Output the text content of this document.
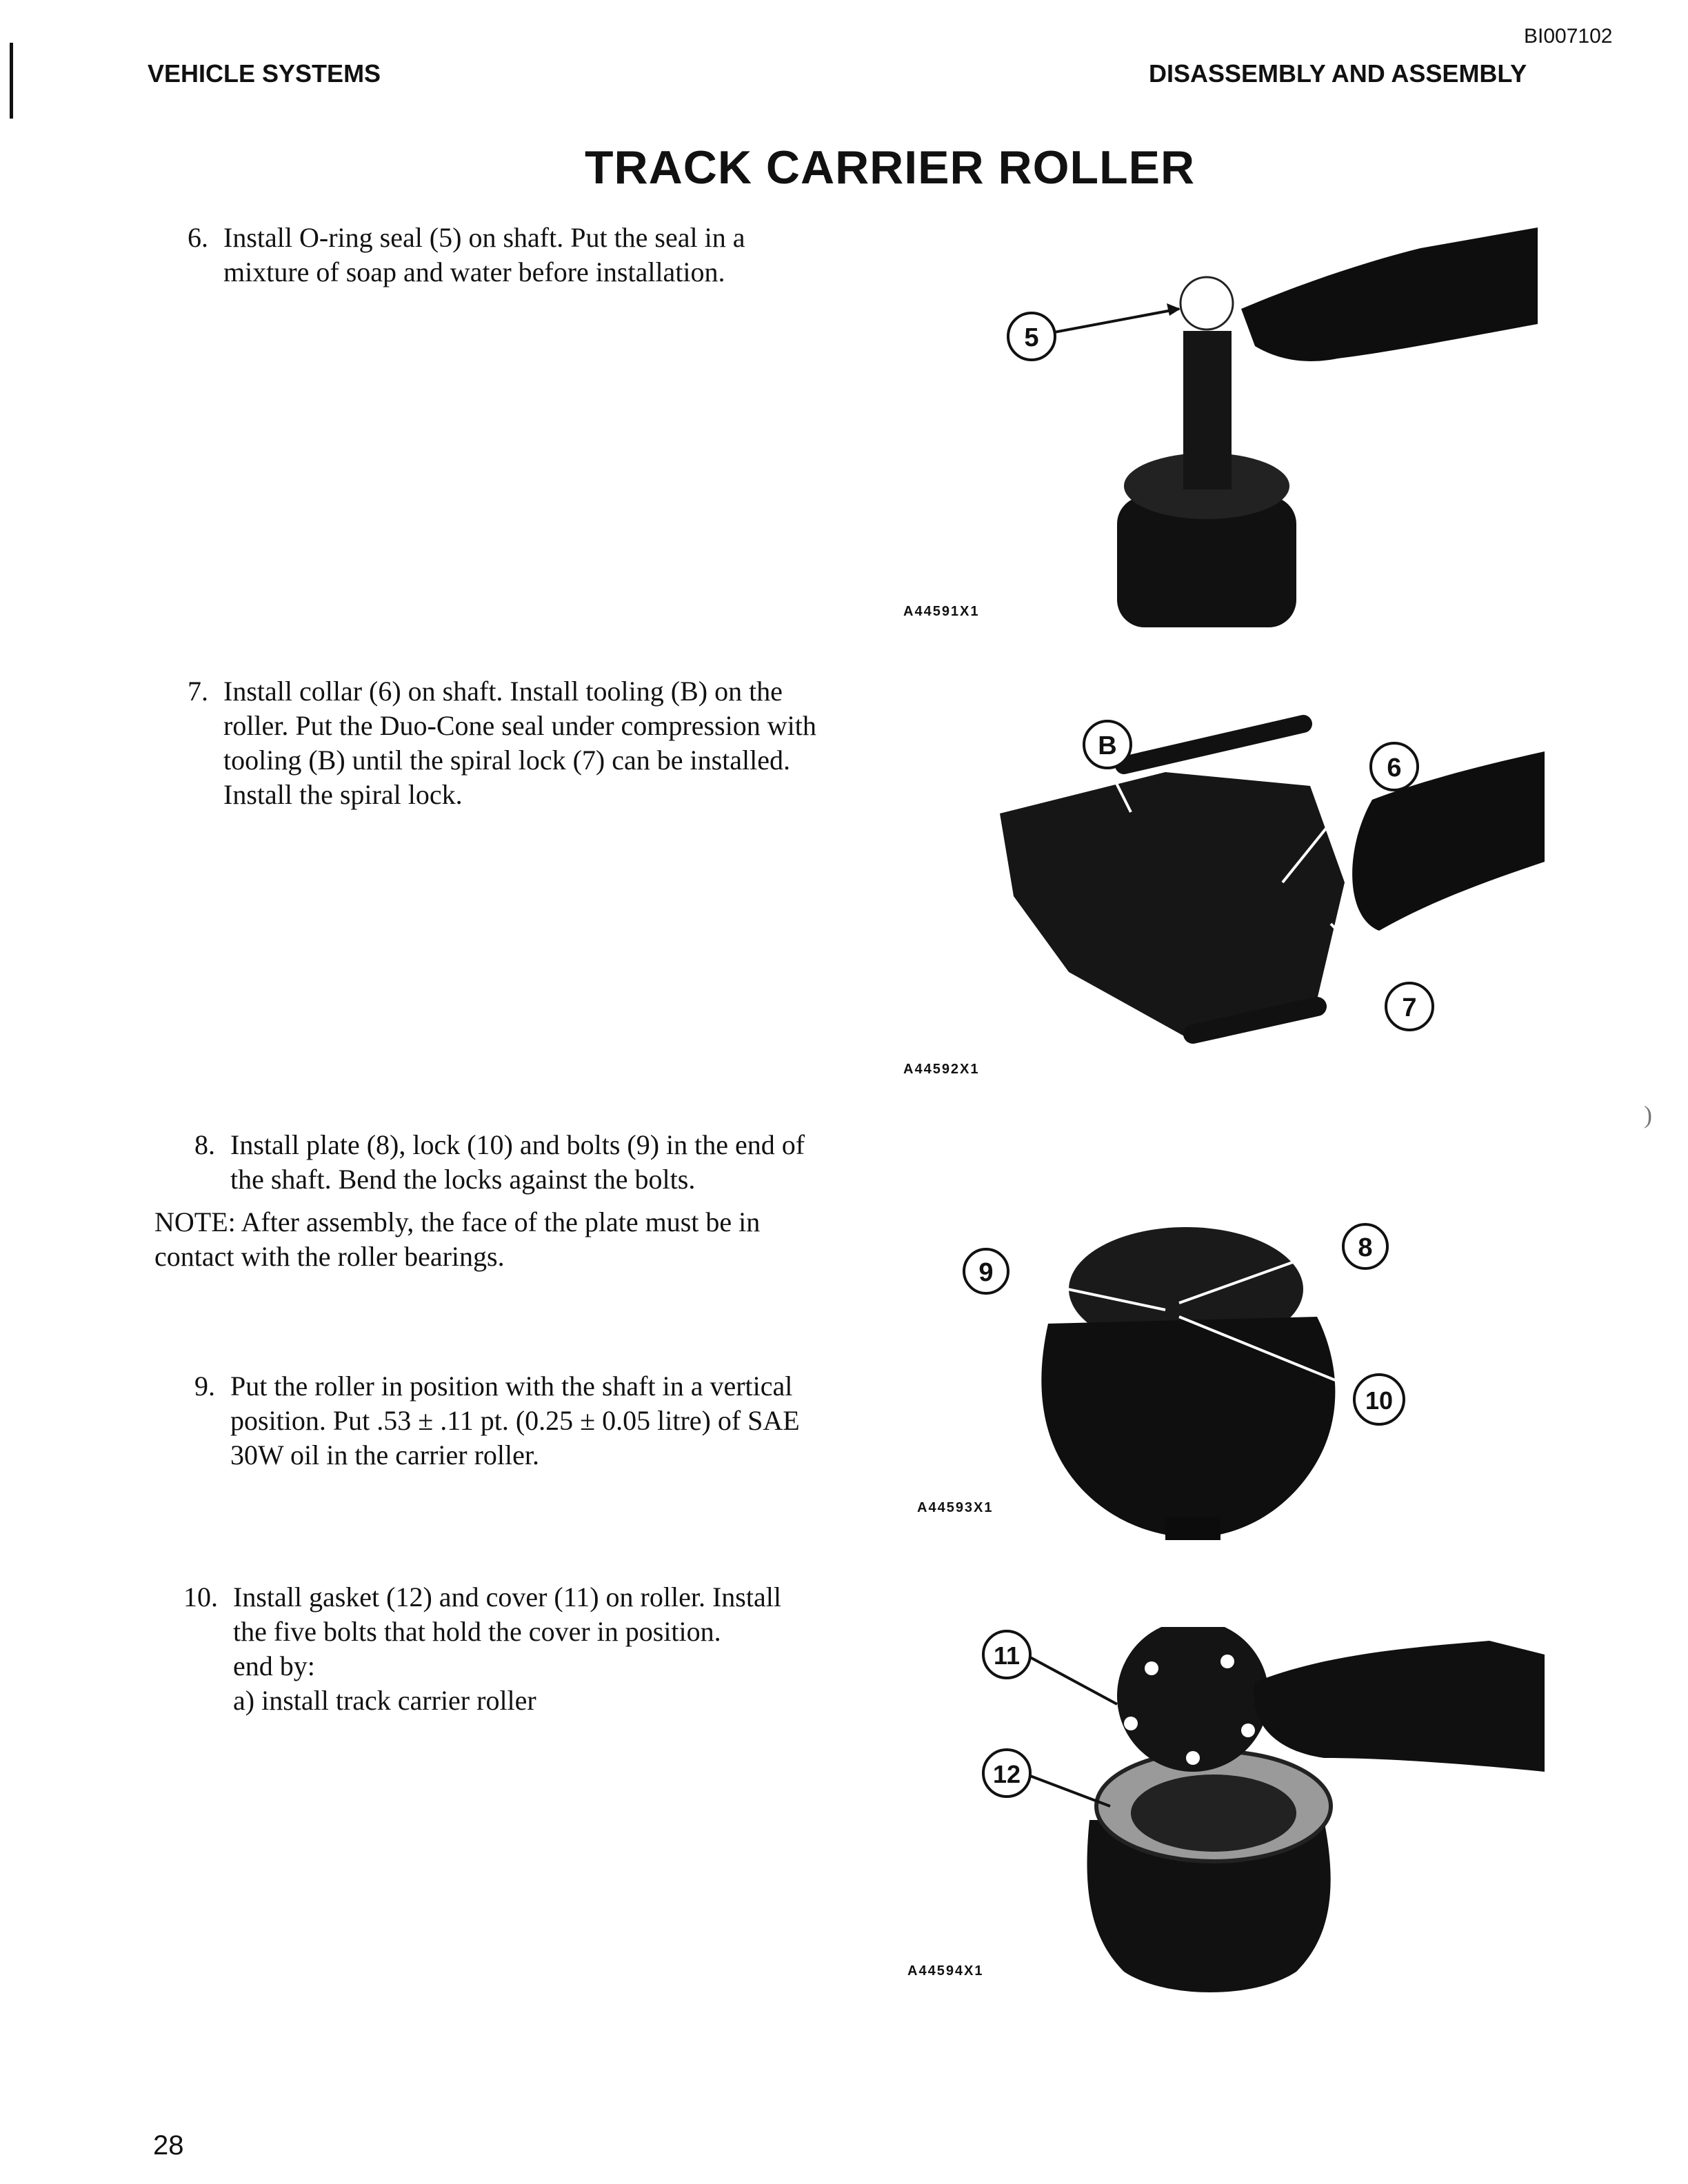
BI007102
VEHICLE SYSTEMS	DISASSEMBLY AND ASSEMBLY
TRACK CARRIER ROLLER
6. Install O-ring seal (5) on shaft. Put the seal in a mixture of soap and water before installation.
7. Install collar (6) on shaft. Install tooling (B) on the roller. Put the Duo-Cone seal under compression with tooling (B) until the spiral lock (7) can be installed. Install the spiral lock.
8. Install plate (8), lock (10) and bolts (9) in the end of the shaft. Bend the locks against the bolts.
NOTE: After assembly, the face of the plate must be in contact with the roller bearings.
9. Put the roller in position with the shaft in a vertical position. Put .53 ± .11 pt. (0.25 ± 0.05 litre) of SAE 30W oil in the carrier roller.
10. Install gasket (12) and cover (11) on roller. Install the five bolts that hold the cover in position.
end by:
a) install track carrier roller
5
A44591X1
B
6
7
A44592X1
9
8
10
A44593X1
11
12
A44594X1
28
)
